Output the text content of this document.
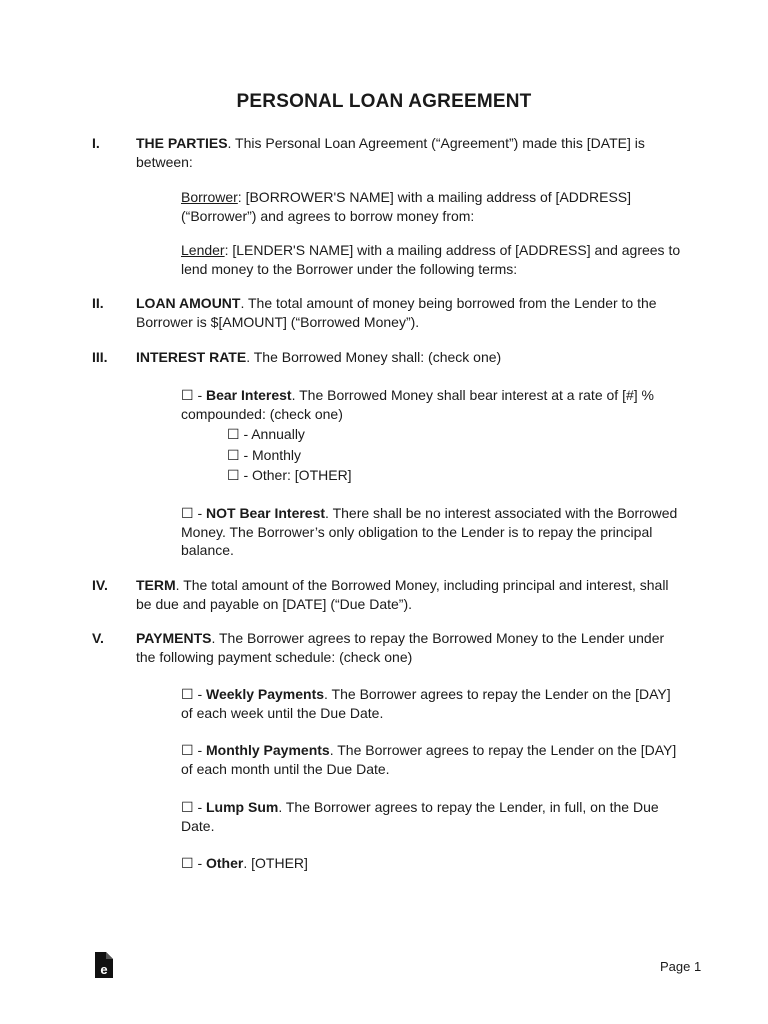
PERSONAL LOAN AGREEMENT
I.	THE PARTIES. This Personal Loan Agreement (“Agreement”) made this [DATE] is between:
Borrower: [BORROWER'S NAME] with a mailing address of [ADDRESS] (“Borrower”) and agrees to borrow money from:
Lender: [LENDER'S NAME] with a mailing address of [ADDRESS] and agrees to lend money to the Borrower under the following terms:
II. LOAN AMOUNT. The total amount of money being borrowed from the Lender to the Borrower is $[AMOUNT] (“Borrowed Money”).
III. INTEREST RATE. The Borrowed Money shall: (check one)
☐ - Bear Interest. The Borrowed Money shall bear interest at a rate of [#] % compounded: (check one)
☐ - Annually
☐ - Monthly
☐ - Other: [OTHER]
☐ - NOT Bear Interest. There shall be no interest associated with the Borrowed Money. The Borrower’s only obligation to the Lender is to repay the principal balance.
IV. TERM. The total amount of the Borrowed Money, including principal and interest, shall be due and payable on [DATE] (“Due Date”).
V. PAYMENTS. The Borrower agrees to repay the Borrowed Money to the Lender under the following payment schedule: (check one)
☐ - Weekly Payments. The Borrower agrees to repay the Lender on the [DAY] of each week until the Due Date.
☐ - Monthly Payments. The Borrower agrees to repay the Lender on the [DAY] of each month until the Due Date.
☐ - Lump Sum. The Borrower agrees to repay the Lender, in full, on the Due Date.
☐ - Other. [OTHER]
e	Page 1
